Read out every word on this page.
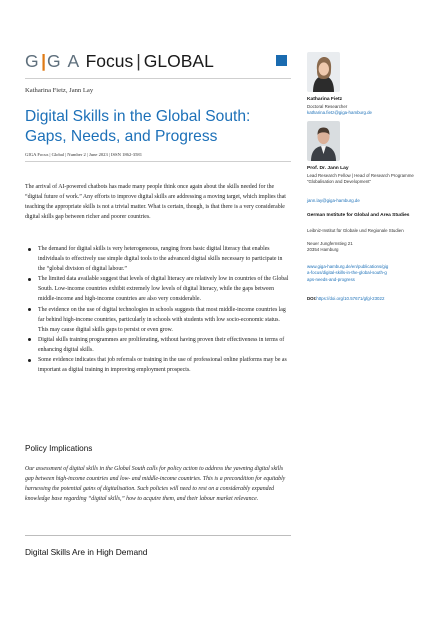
G|G A Focus | GLOBAL
Katharina Fietz, Jann Lay
Digital Skills in the Global South: Gaps, Needs, and Progress
GIGA Focus | Global | Number 2 | June 2023 | ISSN 1862-3581
The arrival of AI-powered chatbots has made many people think once again about the skills needed for the “digital future of work.” Any efforts to improve digital skills are addressing a moving target, which implies that teaching the appropriate skills is not a trivial matter. What is certain, though, is that there is a very considerable digital skills gap between richer and poorer countries.
The demand for digital skills is very heterogeneous, ranging from basic digital literacy that enables individuals to effectively use simple digital tools to the advanced digital skills necessary to participate in the “global division of digital labour.”
The limited data available suggest that levels of digital literacy are relatively low in countries of the Global South. Low-income countries exhibit extremely low levels of digital literacy, while the gaps between middle-income and high-income countries are also very considerable.
The evidence on the use of digital technologies in schools suggests that most middle-income countries lag far behind high-income countries, particularly in schools with students with low socio-economic status. This may cause digital skills gaps to persist or even grow.
Digital skills training programmes are proliferating, without having proven their effectiveness in terms of enhancing digital skills.
Some evidence indicates that job referrals or training in the use of professional online platforms may be as important as digital training in improving employment prospects.
Policy Implications
Our assessment of digital skills in the Global South calls for policy action to address the yawning digital skills gap between high-income countries and low- and middle-income countries. This is a precondition for equitably harnessing the potential gains of digitalisation. Such policies will need to rest on a considerably expanded knowledge base regarding “digital skills,” how to acquire them, and their labour market relevance.
Digital Skills Are in High Demand
Katharina Fietz
Doctoral Researcher
katharina.fietz@giga-hamburg.de
Prof. Dr. Jann Lay
Lead Research Fellow | Head of Research Programme “Globalisation and Development”
jann.lay@giga-hamburg.de
German Institute for Global and Area Studies
Leibniz-Institut für Globale und Regionale Studien
Neuer Jungfernstieg 21
20354 Hamburg
www.giga-hamburg.de/en/publications/giga-focus/digital-skills-in-the-global-south-gaps-needs-and-progress
DOI:https://doi.org/10.57671/gfgl-23022
